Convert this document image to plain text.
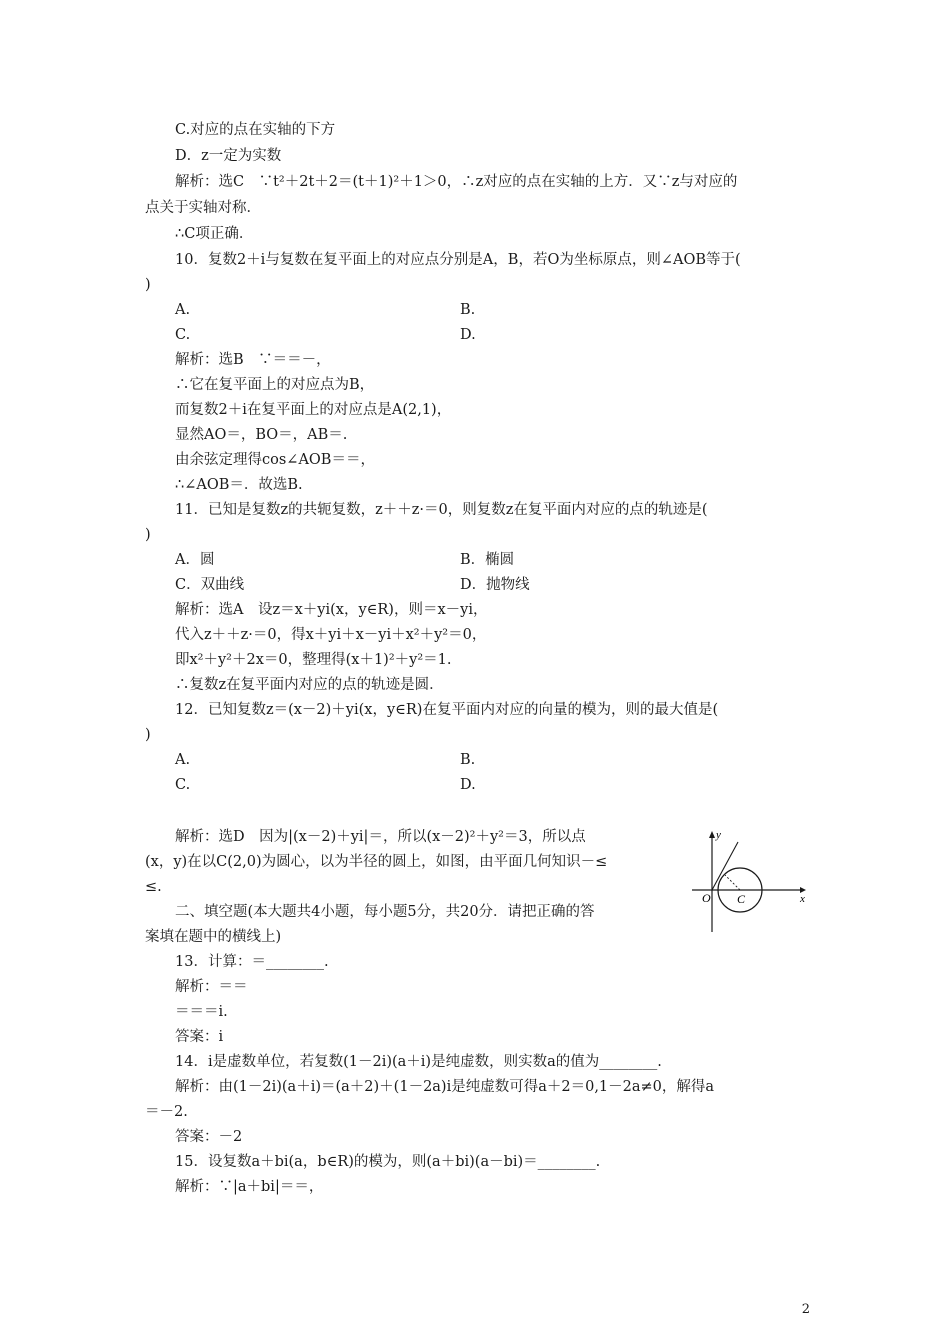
C.对应的点在实轴的下方
D．z一定为实数
解析：选C　∵t²＋2t＋2＝(t＋1)²＋1＞0，∴z对应的点在实轴的上方．又∵z与对应的
点关于实轴对称．
∴C项正确．
10．复数2＋i与复数在复平面上的对应点分别是A，B，若O为坐标原点，则∠AOB等于(
)
A.	B.
C.	D.
解析：选B　∵＝＝－，
∴它在复平面上的对应点为B，
而复数2＋i在复平面上的对应点是A(2,1)，
显然AO＝，BO＝，AB＝.
由余弦定理得cos∠AOB＝＝，
∴∠AOB＝．故选B.
11．已知是复数z的共轭复数，z＋＋z·＝0，则复数z在复平面内对应的点的轨迹是(
)
A．圆	B．椭圆
C．双曲线	D．抛物线
解析：选A　设z＝x＋yi(x，y∈R)，则＝x－yi，
代入z＋＋z·＝0，得x＋yi＋x－yi＋x²＋y²＝0，
即x²＋y²＋2x＝0，整理得(x＋1)²＋y²＝1.
∴复数z在复平面内对应的点的轨迹是圆．
12．已知复数z＝(x－2)＋yi(x，y∈R)在复平面内对应的向量的模为，则的最大值是(
)
A.	B.
C.	D.
解析：选D　因为|(x－2)＋yi|＝，所以(x－2)²＋y²＝3，所以点
(x，y)在以C(2,0)为圆心，以为半径的圆上，如图，由平面几何知识－≤
≤.
二、填空题(本大题共4小题，每小题5分，共20分．请把正确的答
案填在题中的横线上)
13．计算：＝________.
解析：＝＝
＝＝＝i.
答案：i
14．i是虚数单位，若复数(1－2i)(a＋i)是纯虚数，则实数a的值为________.
解析：由(1－2i)(a＋i)＝(a＋2)＋(1－2a)i是纯虚数可得a＋2＝0,1－2a≠0，解得a
＝－2.
答案：－2
15．设复数a＋bi(a，b∈R)的模为，则(a＋bi)(a－bi)＝________.
解析：∵|a＋bi|＝＝，
y
x
O C
2
